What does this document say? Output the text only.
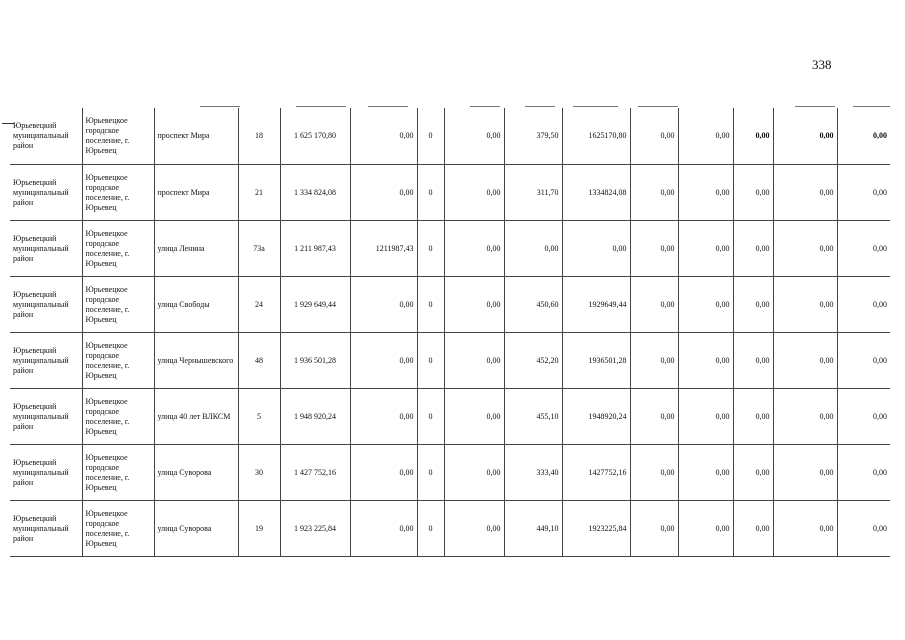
338
Юрьевецкий муниципальный район	Юрьевецкое городское поселение, г. Юрьевец	проспект Мира	18	1 625 170,80	0,00	0	0,00	379,50	1625170,80	0,00	0,00	0,00	0,00	0,00
Юрьевецкий муниципальный район	Юрьевецкое городское поселение, г. Юрьевец	проспект Мира	21	1 334 824,08	0,00	0	0,00	311,70	1334824,08	0,00	0,00	0,00	0,00	0,00
Юрьевецкий муниципальный район	Юрьевецкое городское поселение, г. Юрьевец	улица Ленина	73а	1 211 987,43	1211987,43	0	0,00	0,00	0,00	0,00	0,00	0,00	0,00	0,00
Юрьевецкий муниципальный район	Юрьевецкое городское поселение, г. Юрьевец	улица Свободы	24	1 929 649,44	0,00	0	0,00	450,60	1929649,44	0,00	0,00	0,00	0,00	0,00
Юрьевецкий муниципальный район	Юрьевецкое городское поселение, г. Юрьевец	улица Чернышевского	48	1 936 501,28	0,00	0	0,00	452,20	1936501,28	0,00	0,00	0,00	0,00	0,00
Юрьевецкий муниципальный район	Юрьевецкое городское поселение, г. Юрьевец	улица 40 лет ВЛКСМ	5	1 948 920,24	0,00	0	0,00	455,10	1948920,24	0,00	0,00	0,00	0,00	0,00
Юрьевецкий муниципальный район	Юрьевецкое городское поселение, г. Юрьевец	улица Суворова	30	1 427 752,16	0,00	0	0,00	333,40	1427752,16	0,00	0,00	0,00	0,00	0,00
Юрьевецкий муниципальный район	Юрьевецкое городское поселение, г. Юрьевец	улица Суворова	19	1 923 225,84	0,00	0	0,00	449,10	1923225,84	0,00	0,00	0,00	0,00	0,00
